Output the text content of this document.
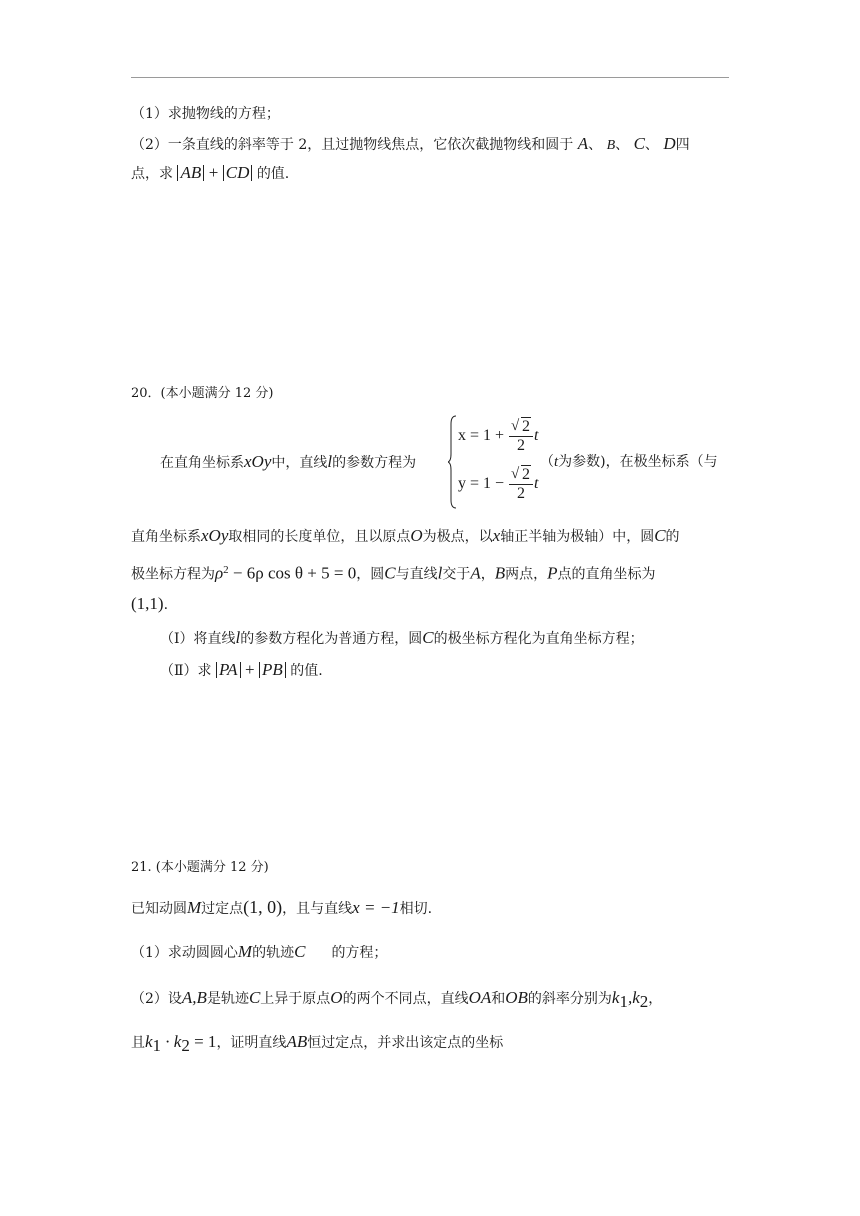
（1）求抛物线的方程；
（2）一条直线的斜率等于 2，且过抛物线焦点，它依次截抛物线和圆于 A、 B、 C、 D四
点，求 AB + CD 的值.
20．(本小题满分 12 分)
在直角坐标系xOy中，直线l的参数方程为
$x = 1 + \frac{√ 2}{2}$ t
$y = 1 - \frac{√ 2}{2}$ t
（t为参数)，在极坐标系（与
直角坐标系xOy取相同的长度单位，且以原点O为极点，以x轴正半轴为极轴）中，圆C的
极坐标方程为$\rho^2 - 6\rho$ cos θ + 5 = 0，圆C与直线l交于A，B两点，P点的直角坐标为
(1,1).
（Ⅰ）将直线l的参数方程化为普通方程，圆C的极坐标方程化为直角坐标方程；
（Ⅱ）求 PA + PB 的值.
21. (本小题满分 12 分)
已知动圆M过定点(1, 0)，且与直线x = −1相切.
（1）求动圆圆心M的轨迹C 的方程；
（2）设A,B是轨迹C上异于原点O的两个不同点，直线OA和OB的斜率分别为$k_1,k_2$，
且$k_1 \cdot k_2 = 1$，证明直线AB恒过定点，并求出该定点的坐标
